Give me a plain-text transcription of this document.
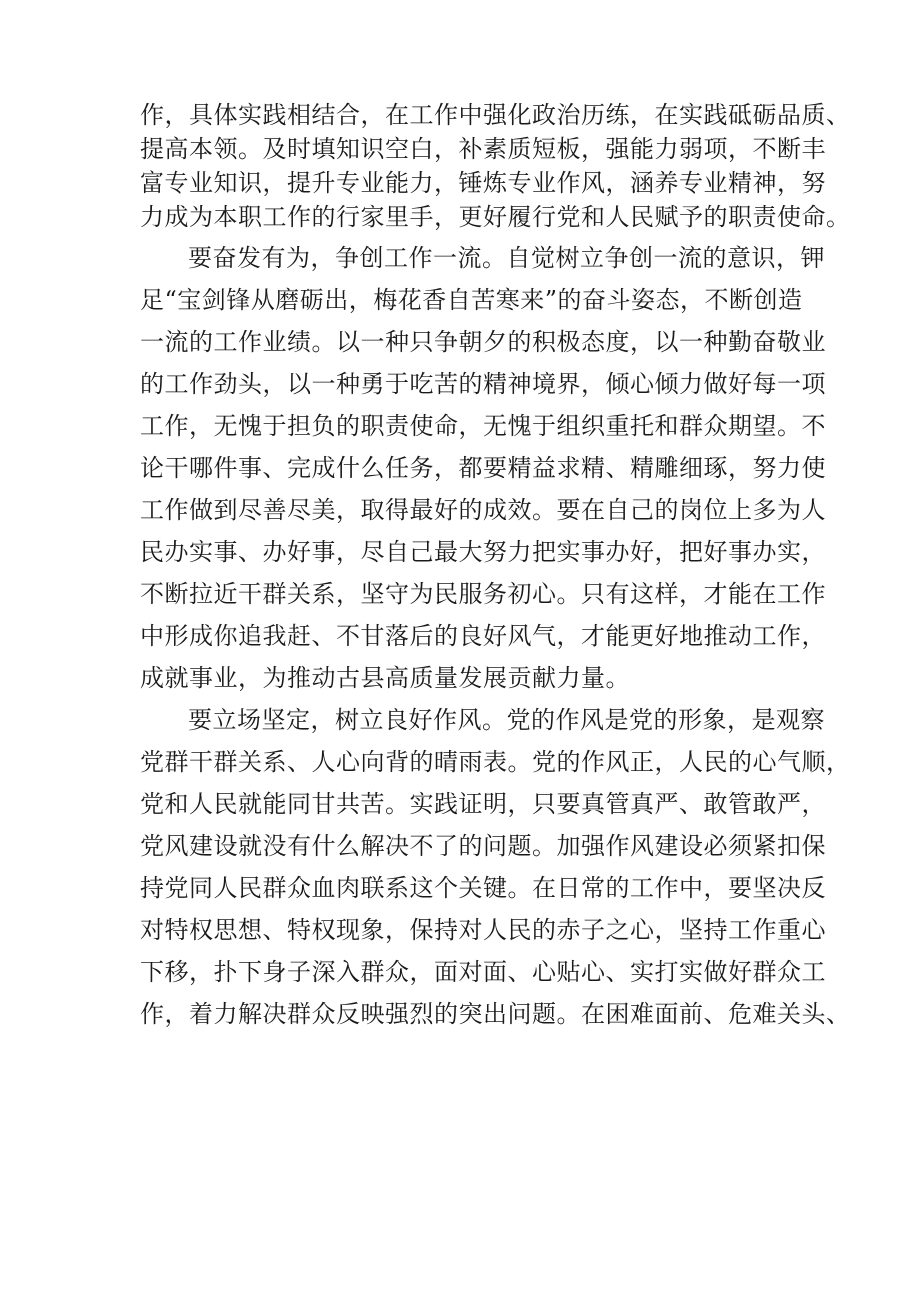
作，具体实践相结合，在工作中强化政治历练，在实践砥砺品质、
提高本领。及时填知识空白，补素质短板，强能力弱项，不断丰
富专业知识，提升专业能力，锤炼专业作风，涵养专业精神，努
力成为本职工作的行家里手，更好履行党和人民赋予的职责使命。
要奋发有为，争创工作一流。自觉树立争创一流的意识，钾
足“宝剑锋从磨砺出，梅花香自苦寒来”的奋斗姿态，不断创造
一流的工作业绩。以一种只争朝夕的积极态度，以一种勤奋敬业
的工作劲头，以一种勇于吃苦的精神境界，倾心倾力做好每一项
工作，无愧于担负的职责使命，无愧于组织重托和群众期望。不
论干哪件事、完成什么任务，都要精益求精、精雕细琢，努力使
工作做到尽善尽美，取得最好的成效。要在自己的岗位上多为人
民办实事、办好事，尽自己最大努力把实事办好，把好事办实，
不断拉近干群关系，坚守为民服务初心。只有这样，才能在工作
中形成你追我赶、不甘落后的良好风气，才能更好地推动工作，
成就事业，为推动古县高质量发展贡献力量。
要立场坚定，树立良好作风。党的作风是党的形象，是观察
党群干群关系、人心向背的晴雨表。党的作风正，人民的心气顺，
党和人民就能同甘共苦。实践证明，只要真管真严、敢管敢严，
党风建设就没有什么解决不了的问题。加强作风建设必须紧扣保
持党同人民群众血肉联系这个关键。在日常的工作中，要坚决反
对特权思想、特权现象，保持对人民的赤子之心，坚持工作重心
下移，扑下身子深入群众，面对面、心贴心、实打实做好群众工
作，着力解决群众反映强烈的突出问题。在困难面前、危难关头、
